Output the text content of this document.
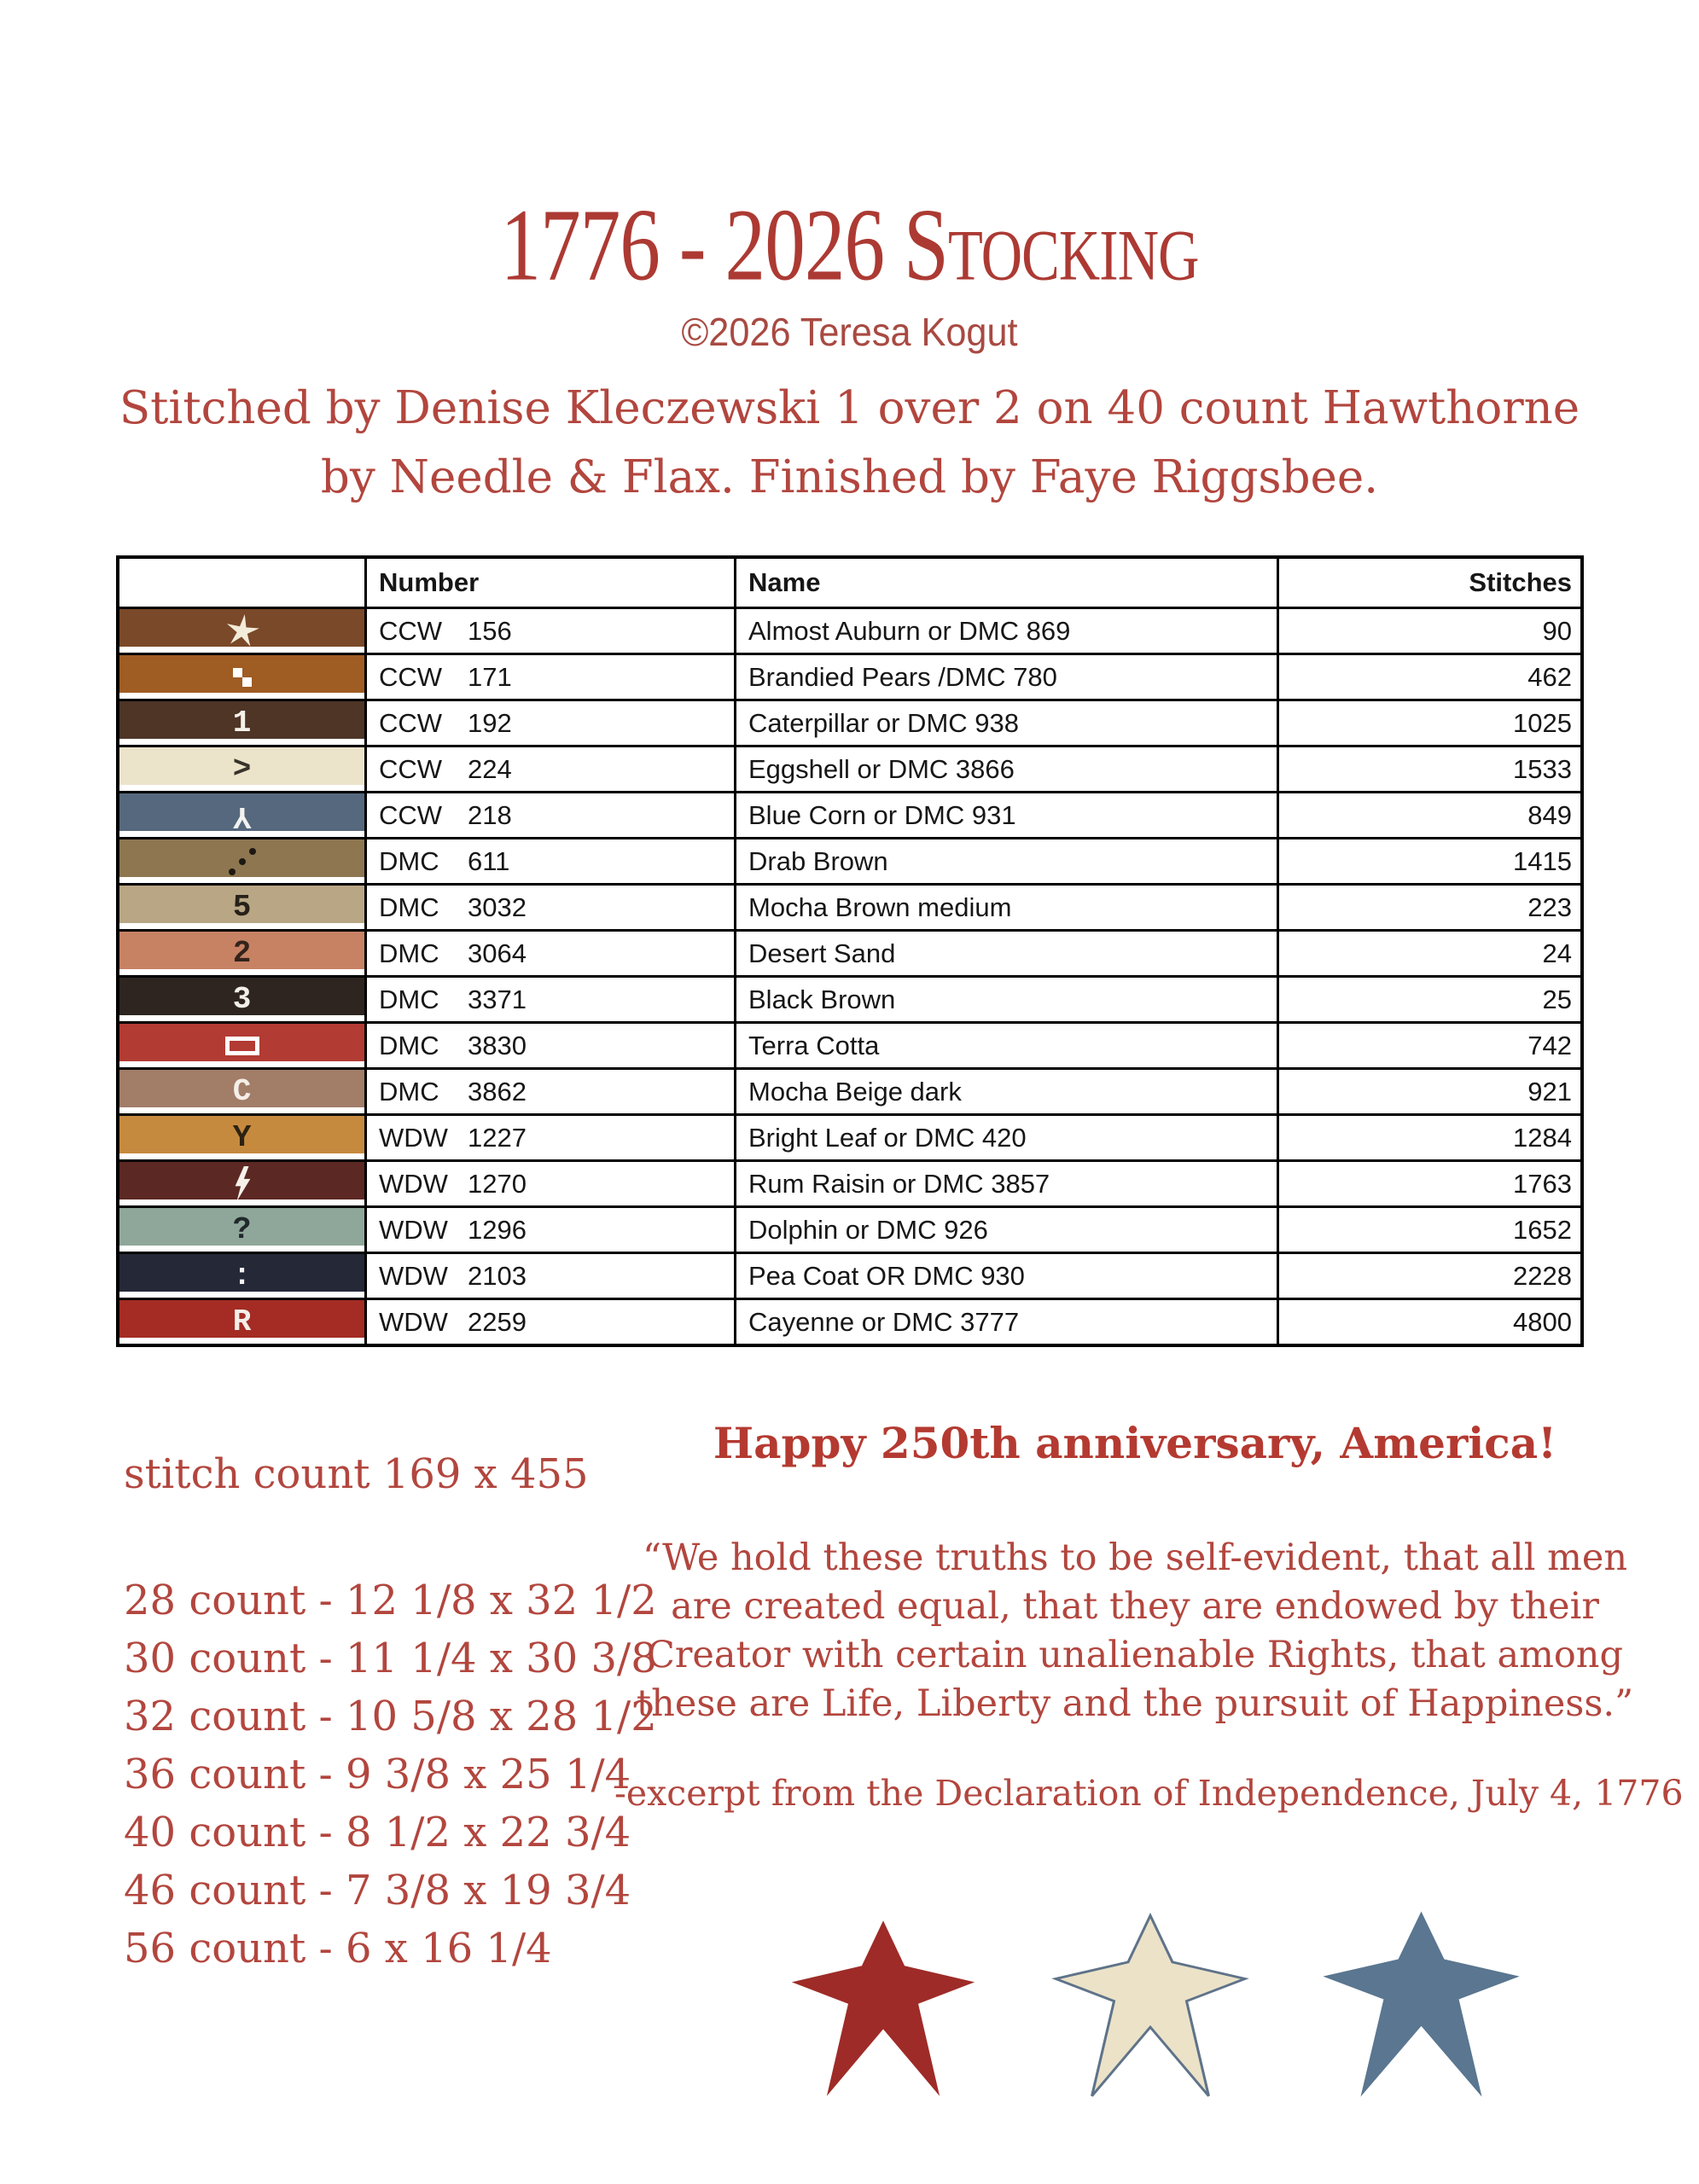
1776 - 2026 Stocking
©2026 Teresa Kogut
Stitched by Denise Kleczewski 1 over 2 on 40 count Hawthorne
by Needle & Flax. Finished by Faye Riggsbee.
Number	Name	Stitches
CCW 156	Almost Auburn or DMC 869	90
CCW 171	Brandied Pears /DMC 780	462
1	CCW 192	Caterpillar or DMC 938	1025
>	CCW 224	Eggshell or DMC 3866	1533
Y	CCW 218	Blue Corn or DMC 931	849
DMC	611	Drab Brown	1415
5	DMC	3032	Mocha Brown medium	223
2	DMC	3064	Desert Sand	24
3	DMC	3371	Black Brown	25
DMC	3830	Terra Cotta	742
C	DMC	3862	Mocha Beige dark	921
Y	WDW 1227	Bright Leaf or DMC 420	1284
WDW 1270	Rum Raisin or DMC 3857	1763
?	WDW 1296	Dolphin or DMC 926	1652
:	WDW 2103	Pea Coat OR DMC 930	2228
R	WDW 2259	Cayenne or DMC 3777	4800
stitch count 169 x 455
28 count - 12 1/8 x 32 1/2
30 count - 11 1/4 x 30 3/8
32 count - 10 5/8 x 28 1/2
36 count - 9 3/8 x 25 1/4
40 count - 8 1/2 x 22 3/4
46 count - 7 3/8 x 19 3/4
56 count - 6 x 16 1/4
Happy 250th anniversary, America!
“We hold these truths to be self-evident, that all men
are created equal, that they are endowed by their
Creator with certain unalienable Rights, that among
these are Life, Liberty and the pursuit of Happiness.”
-excerpt from the Declaration of Independence, July 4, 1776
